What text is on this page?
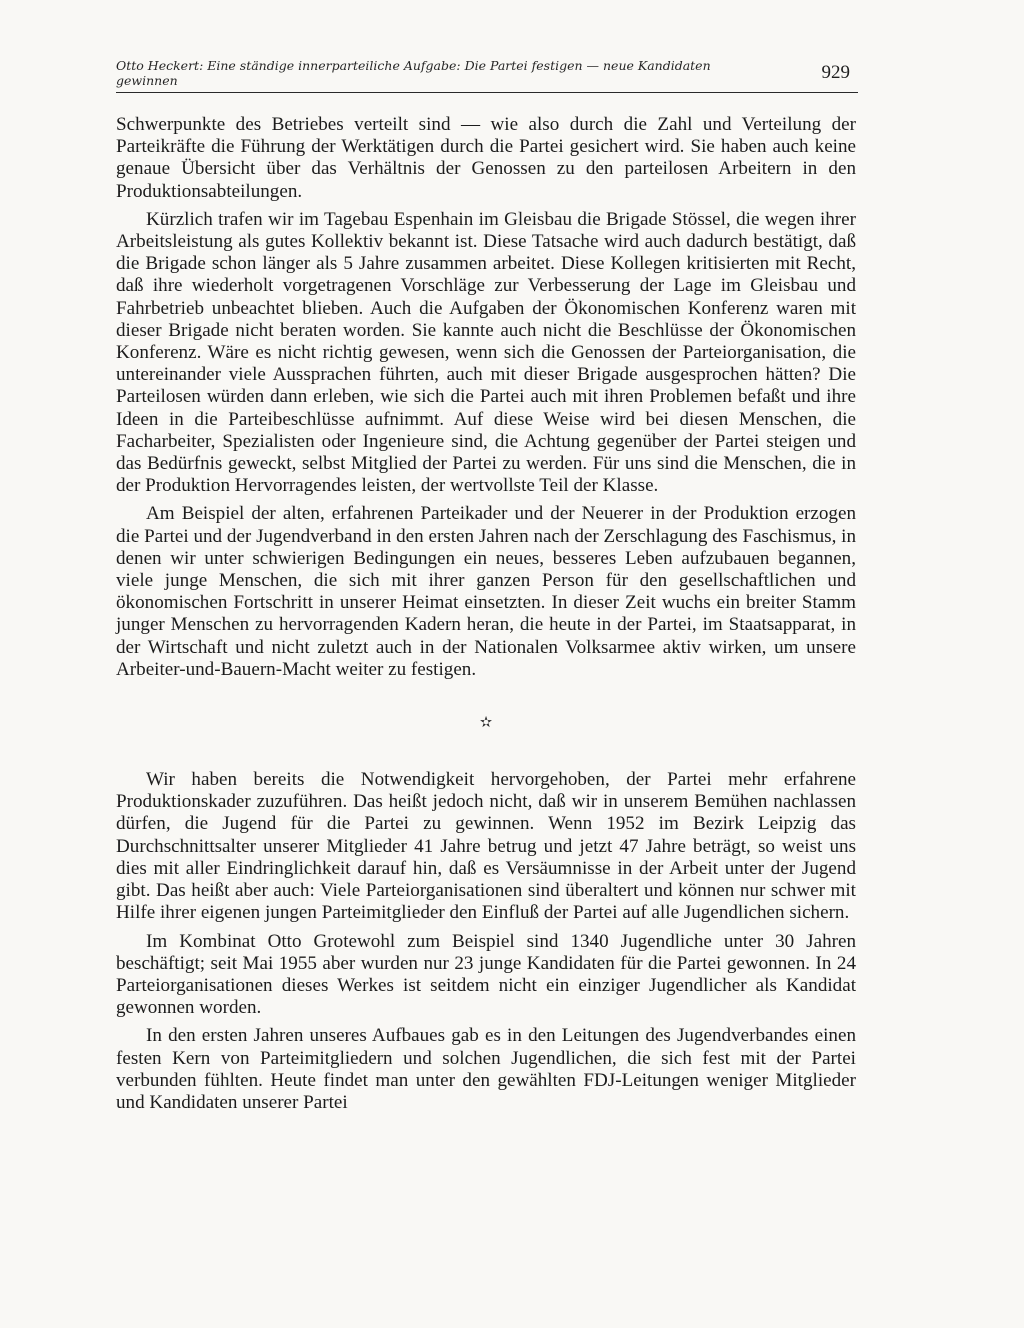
Otto Heckert: Eine ständige innerparteiliche Aufgabe: Die Partei festigen — neue Kandidaten gewinnen	929

Schwerpunkte des Betriebes verteilt sind — wie also durch die Zahl und Verteilung der Parteikräfte die Führung der Werktätigen durch die Partei gesichert wird. Sie haben auch keine genaue Übersicht über das Verhältnis der Genossen zu den parteilosen Arbeitern in den Produktionsabteilungen.

Kürzlich trafen wir im Tagebau Espenhain im Gleisbau die Brigade Stössel, die wegen ihrer Arbeitsleistung als gutes Kollektiv bekannt ist. Diese Tatsache wird auch dadurch bestätigt, daß die Brigade schon länger als 5 Jahre zusammen arbeitet. Diese Kollegen kritisierten mit Recht, daß ihre wiederholt vorgetragenen Vorschläge zur Verbesserung der Lage im Gleisbau und Fahrbetrieb unbeachtet blieben. Auch die Aufgaben der Ökonomischen Konferenz waren mit dieser Brigade nicht beraten worden. Sie kannte auch nicht die Beschlüsse der Ökonomischen Konferenz. Wäre es nicht richtig gewesen, wenn sich die Genossen der Parteiorganisation, die untereinander viele Aussprachen führten, auch mit dieser Brigade ausgesprochen hätten? Die Parteilosen würden dann erleben, wie sich die Partei auch mit ihren Problemen befaßt und ihre Ideen in die Parteibeschlüsse aufnimmt. Auf diese Weise wird bei diesen Menschen, die Facharbeiter, Spezialisten oder Ingenieure sind, die Achtung gegenüber der Partei steigen und das Bedürfnis geweckt, selbst Mitglied der Partei zu werden. Für uns sind die Menschen, die in der Produktion Hervorragendes leisten, der wertvollste Teil der Klasse.

Am Beispiel der alten, erfahrenen Parteikader und der Neuerer in der Produktion erzogen die Partei und der Jugendverband in den ersten Jahren nach der Zerschlagung des Faschismus, in denen wir unter schwierigen Bedingungen ein neues, besseres Leben aufzubauen begannen, viele junge Menschen, die sich mit ihrer ganzen Person für den gesellschaftlichen und ökonomischen Fortschritt in unserer Heimat einsetzten. In dieser Zeit wuchs ein breiter Stamm junger Menschen zu hervorragenden Kadern heran, die heute in der Partei, im Staatsapparat, in der Wirtschaft und nicht zuletzt auch in der Nationalen Volksarmee aktiv wirken, um unsere Arbeiter-und-Bauern-Macht weiter zu festigen.

✫

Wir haben bereits die Notwendigkeit hervorgehoben, der Partei mehr erfahrene Produktionskader zuzuführen. Das heißt jedoch nicht, daß wir in unserem Bemühen nachlassen dürfen, die Jugend für die Partei zu gewinnen. Wenn 1952 im Bezirk Leipzig das Durchschnittsalter unserer Mitglieder 41 Jahre betrug und jetzt 47 Jahre beträgt, so weist uns dies mit aller Eindringlichkeit darauf hin, daß es Versäumnisse in der Arbeit unter der Jugend gibt. Das heißt aber auch: Viele Parteiorganisationen sind überaltert und können nur schwer mit Hilfe ihrer eigenen jungen Parteimitglieder den Einfluß der Partei auf alle Jugendlichen sichern.

Im Kombinat Otto Grotewohl zum Beispiel sind 1340 Jugendliche unter 30 Jahren beschäftigt; seit Mai 1955 aber wurden nur 23 junge Kandidaten für die Partei gewonnen. In 24 Parteiorganisationen dieses Werkes ist seitdem nicht ein einziger Jugendlicher als Kandidat gewonnen worden.

In den ersten Jahren unseres Aufbaues gab es in den Leitungen des Jugendverbandes einen festen Kern von Parteimitgliedern und solchen Jugendlichen, die sich fest mit der Partei verbunden fühlten. Heute findet man unter den gewählten FDJ-Leitungen weniger Mitglieder und Kandidaten unserer Partei
